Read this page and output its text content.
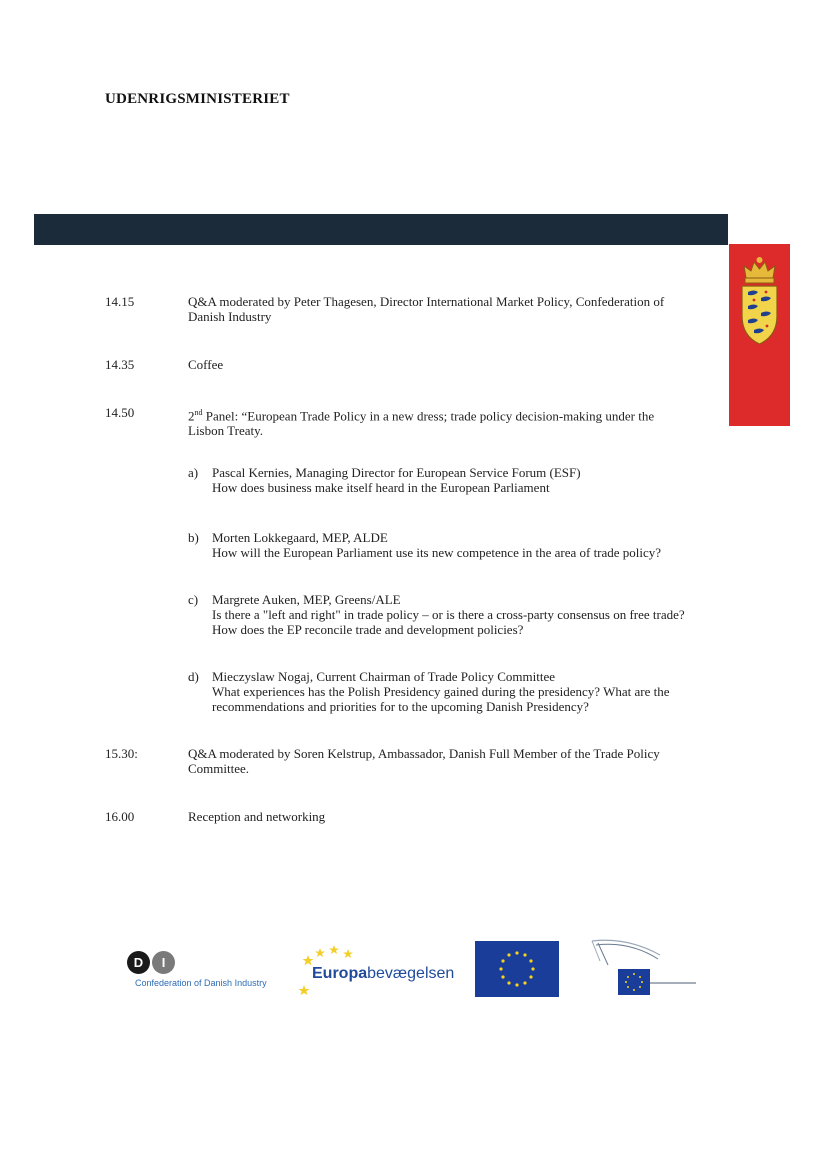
UDENRIGSMINISTERIET
14.15	Q&A moderated by Peter Thagesen, Director International Market Policy, Confederation of Danish Industry
14.35	Coffee
14.50	2nd Panel: “European Trade Policy in a new dress; trade policy decision-making under the Lisbon Treaty.
a) Pascal Kernies, Managing Director for European Service Forum (ESF)
How does business make itself heard in the European Parliament
b) Morten Lokkegaard, MEP, ALDE
How will the European Parliament use its new competence in the area of trade policy?
c) Margrete Auken, MEP, Greens/ALE
Is there a "left and right" in trade policy – or is there a cross-party consensus on free trade? How does the EP reconcile trade and development policies?
d) Mieczyslaw Nogaj, Current Chairman of Trade Policy Committee
What experiences has the Polish Presidency gained during the presidency? What are the recommendations and priorities for to the upcoming Danish Presidency?
15.30:	Q&A moderated by Soren Kelstrup, Ambassador, Danish Full Member of the Trade Policy Committee.
16.00	Reception and networking
D I
Confederation of Danish Industry
Europabevægelsen
